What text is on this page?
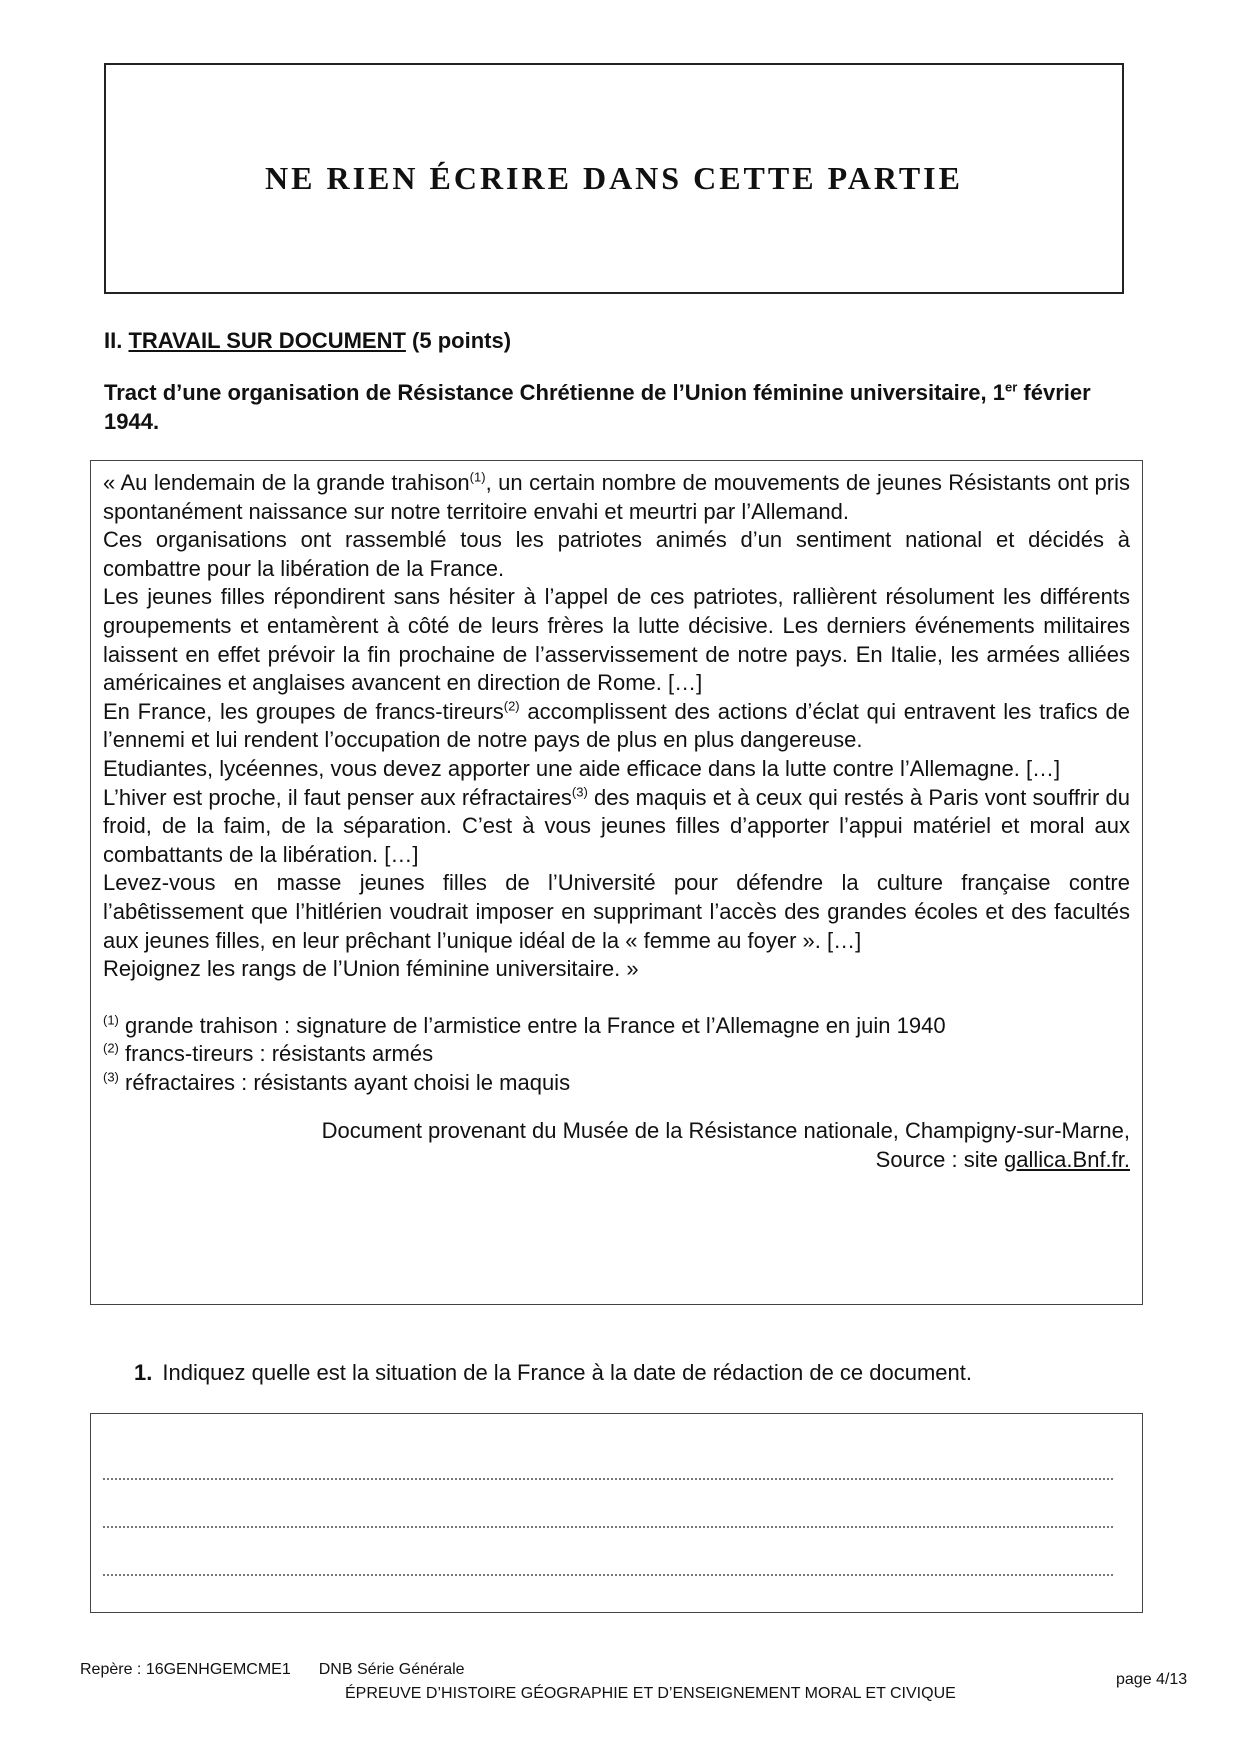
NE RIEN ÉCRIRE DANS CETTE PARTIE
II. TRAVAIL SUR DOCUMENT (5 points)
Tract d’une organisation de Résistance Chrétienne de l’Union féminine universitaire, 1er février 1944.

« Au lendemain de la grande trahison$^{(1)}$, un certain nombre de mouvements de jeunes Résistants ont pris spontanément naissance sur notre territoire envahi et meurtri par l’Allemand.

Ces organisations ont rassemblé tous les patriotes animés d’un sentiment national et décidés à combattre pour la libération de la France.

Les jeunes filles répondirent sans hésiter à l’appel de ces patriotes, rallièrent résolument les différents groupements et entamèrent à côté de leurs frères la lutte décisive. Les derniers événements militaires laissent en effet prévoir la fin prochaine de l’asservissement de notre pays. En Italie, les armées alliées américaines et anglaises avancent en direction de Rome. […]

En France, les groupes de francs-tireurs$^{(2)}$ accomplissent des actions d’éclat qui entravent les trafics de l’ennemi et lui rendent l’occupation de notre pays de plus en plus dangereuse.

Etudiantes, lycéennes, vous devez apporter une aide efficace dans la lutte contre l’Allemagne. […]

L’hiver est proche, il faut penser aux réfractaires$^{(3)}$ des maquis et à ceux qui restés à Paris vont souffrir du froid, de la faim, de la séparation. C’est à vous jeunes filles d’apporter l’appui matériel et moral aux combattants de la libération. […]

Levez-vous en masse jeunes filles de l’Université pour défendre la culture française contre l’abêtissement que l’hitlérien voudrait imposer en supprimant l’accès des grandes écoles et des facultés aux jeunes filles, en leur prêchant l’unique idéal de la « femme au foyer ». […]

Rejoignez les rangs de l’Union féminine universitaire. »

$^{(1)}$ grande trahison : signature de l’armistice entre la France et l’Allemagne en juin 1940

$^{(2)}$ francs-tireurs : résistants armés

$^{(3)}$ réfractaires : résistants ayant choisi le maquis

Document provenant du Musée de la Résistance nationale, Champigny-sur-Marne,
Source : site gallica.Bnf.fr.
1. Indiquez quelle est la situation de la France à la date de rédaction de ce document.
Repère : 16GENHGEMCME1 DNB Série Générale
ÉPREUVE D’HISTOIRE GÉOGRAPHIE ET D’ENSEIGNEMENT MORAL ET CIVIQUE
page 4/13
